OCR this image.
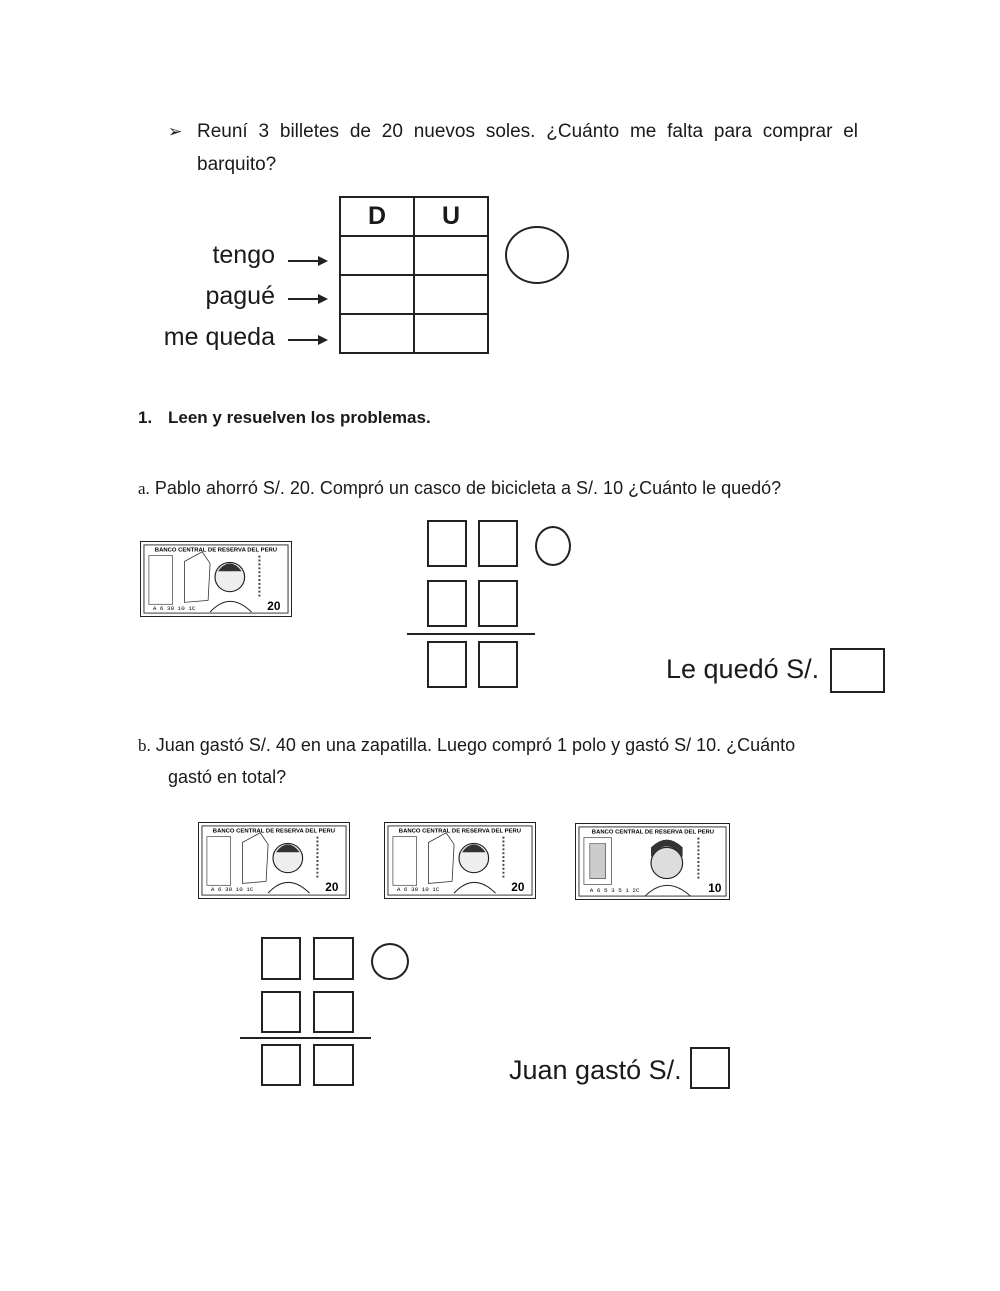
➢ Reuní 3 billetes de 20 nuevos soles. ¿Cuánto me falta para comprar el barquito?
D	U

tengo
pagué
me queda
1. Leen y resuelven los problemas.
a. Pablo ahorró S/. 20. Compró un casco de bicicleta a S/. 10 ¿Cuánto le quedó?
BANCO CENTRAL DE RESERVA DEL PERU
20
A 6 30 10 1C
Le quedó S/.
b. Juan gastó S/. 40 en una zapatilla. Luego compró 1 polo y gastó S/ 10. ¿Cuánto
gastó en total?
BANCO CENTRAL DE RESERVA DEL PERU
20
A 6 30 10 1C
BANCO CENTRAL DE RESERVA DEL PERU
20
A 6 30 10 1C
BANCO CENTRAL DE RESERVA DEL PERU
10
A 6 5 3 5 1 2C
Juan gastó S/.
